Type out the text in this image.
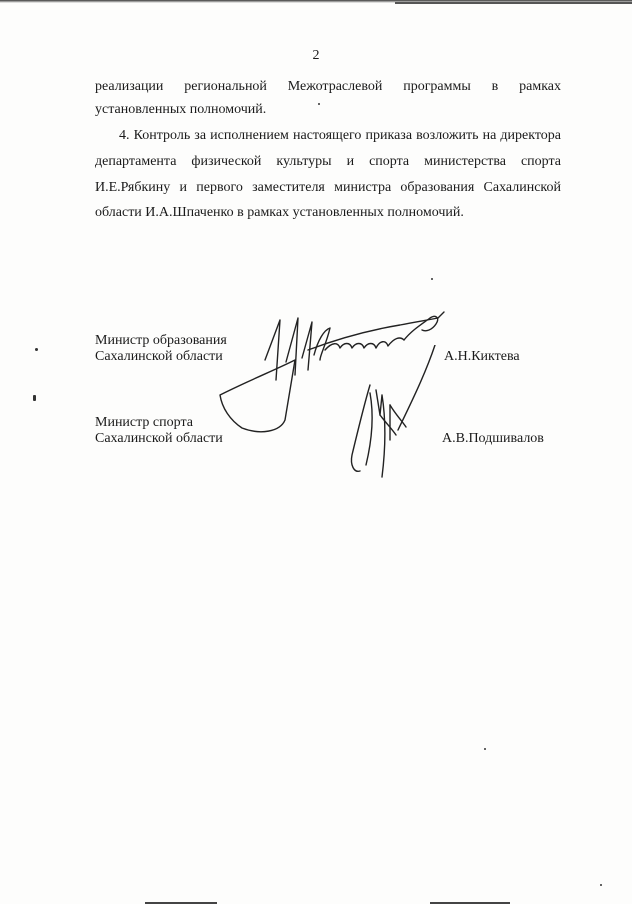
2
реализации региональной Межотраслевой программы в рамках
установленных полномочий.
4. Контроль за исполнением настоящего приказа возложить на директора
департамента физической культуры и спорта министерства спорта
И.Е.Рябкину и первого заместителя министра образования Сахалинской
области И.А.Шпаченко в рамках установленных полномочий.
Министр образования
Сахалинской области	А.Н.Киктева
Министр спорта
Сахалинской области	А.В.Подшивалов
